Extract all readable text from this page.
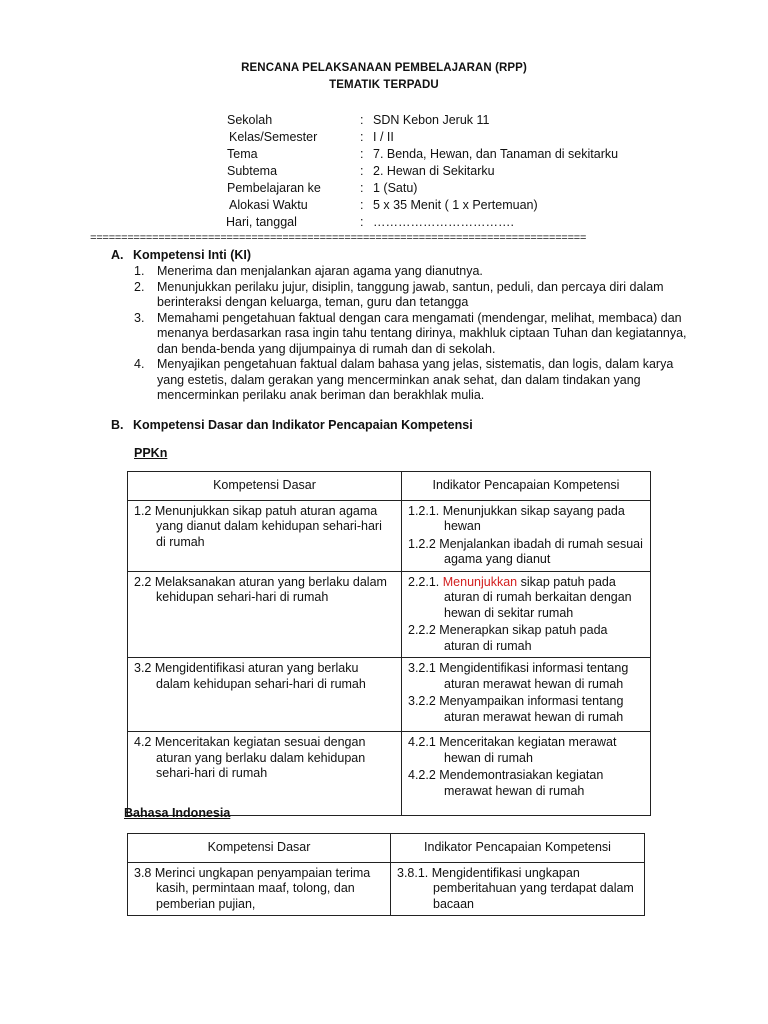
RENCANA PELAKSANAAN PEMBELAJARAN (RPP)
TEMATIK TERPADU
Sekolah	: SDN Kebon Jeruk 11
Kelas/Semester	: I / II
Tema	: 7. Benda, Hewan, dan Tanaman di sekitarku
Subtema	: 2. Hewan di Sekitarku
Pembelajaran ke	: 1 (Satu)
Alokasi Waktu	: 5 x 35 Menit ( 1 x Pertemuan)
Hari, tanggal	: …………………………….
================================================================================
A. Kompetensi Inti (KI)
1. Menerima dan menjalankan ajaran agama yang dianutnya.
2. Menunjukkan perilaku jujur, disiplin, tanggung jawab, santun, peduli, dan percaya diri dalam berinteraksi dengan keluarga, teman, guru dan tetangga
3. Memahami pengetahuan faktual dengan cara mengamati (mendengar, melihat, membaca) dan menanya berdasarkan rasa ingin tahu tentang dirinya, makhluk ciptaan Tuhan dan kegiatannya, dan benda-benda yang dijumpainya di rumah dan di sekolah.
4. Menyajikan pengetahuan faktual dalam bahasa yang jelas, sistematis, dan logis, dalam karya yang estetis, dalam gerakan yang mencerminkan anak sehat, dan dalam tindakan yang mencerminkan perilaku anak beriman dan berakhlak mulia.
B. Kompetensi Dasar dan Indikator Pencapaian Kompetensi
PPKn
Kompetensi Dasar	Indikator Pencapaian Kompetensi

1.2 Menunjukkan sikap patuh aturan agama yang dianut dalam kehidupan sehari-hari di rumah	1.2.1. Menunjukkan sikap sayang pada hewan
1.2.2 Menjalankan ibadah di rumah sesuai agama yang dianut

2.2 Melaksanakan aturan yang berlaku dalam kehidupan sehari-hari di rumah	2.2.1. Menunjukkan sikap patuh pada aturan di rumah berkaitan dengan hewan di sekitar rumah
2.2.2 Menerapkan sikap patuh pada aturan di rumah

3.2 Mengidentifikasi aturan yang berlaku dalam kehidupan sehari-hari di rumah	3.2.1 Mengidentifikasi informasi tentang aturan merawat hewan di rumah
3.2.2 Menyampaikan informasi tentang aturan merawat hewan di rumah

4.2 Menceritakan kegiatan sesuai dengan aturan yang berlaku dalam kehidupan sehari-hari di rumah	4.2.1 Menceritakan kegiatan merawat hewan di rumah
4.2.2 Mendemontrasiakan kegiatan merawat hewan di rumah
Bahasa Indonesia
Kompetensi Dasar	Indikator Pencapaian Kompetensi

3.8 Merinci ungkapan penyampaian terima kasih, permintaan maaf, tolong, dan pemberian pujian,	3.8.1. Mengidentifikasi ungkapan pemberitahuan yang terdapat dalam bacaan
